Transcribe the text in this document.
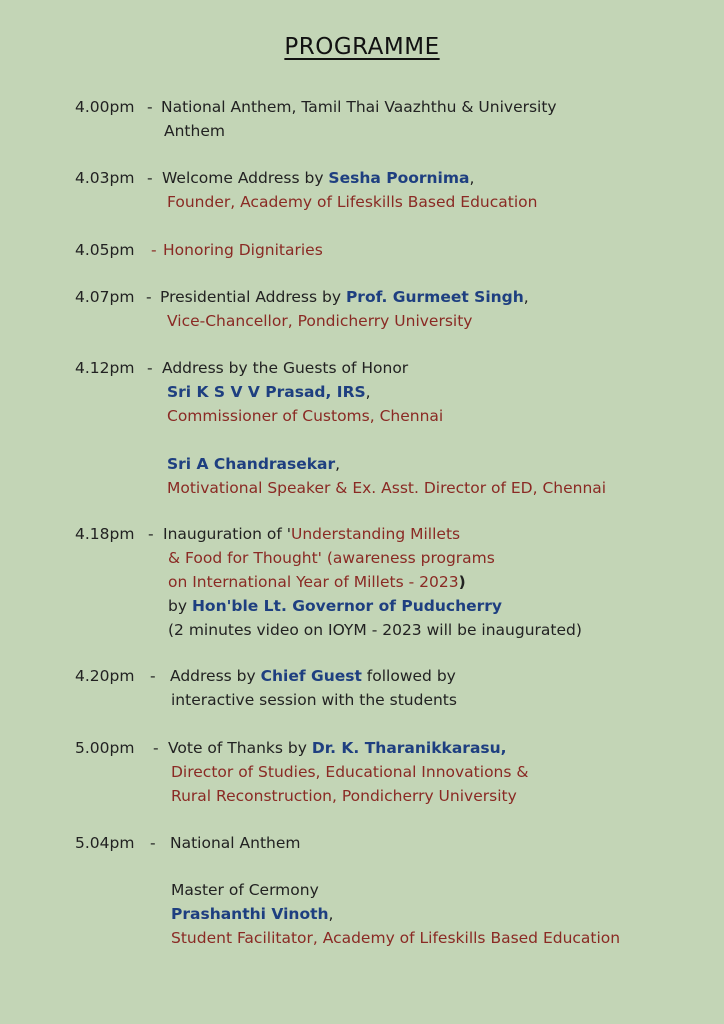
PROGRAMME
4.00pm - National Anthem, Tamil Thai Vaazhthu & University
Anthem
4.03pm - Welcome Address by Sesha Poornima,
Founder, Academy of Lifeskills Based Education
4.05pm - Honoring Dignitaries
4.07pm - Presidential Address by Prof. Gurmeet Singh,
Vice-Chancellor, Pondicherry University
4.12pm - Address by the Guests of Honor
Sri K S V V Prasad, IRS,
Commissioner of Customs, Chennai
Sri A Chandrasekar,
Motivational Speaker & Ex. Asst. Director of ED, Chennai
4.18pm - Inauguration of 'Understanding Millets
& Food for Thought' (awareness programs
on International Year of Millets - 2023)
by Hon'ble Lt. Governor of Puducherry
(2 minutes video on IOYM - 2023 will be inaugurated)
4.20pm - Address by Chief Guest followed by
interactive session with the students
5.00pm - Vote of Thanks by Dr. K. Tharanikkarasu,
Director of Studies, Educational Innovations &
Rural Reconstruction, Pondicherry University
5.04pm - National Anthem
Master of Cermony
Prashanthi Vinoth,
Student Facilitator, Academy of Lifeskills Based Education
